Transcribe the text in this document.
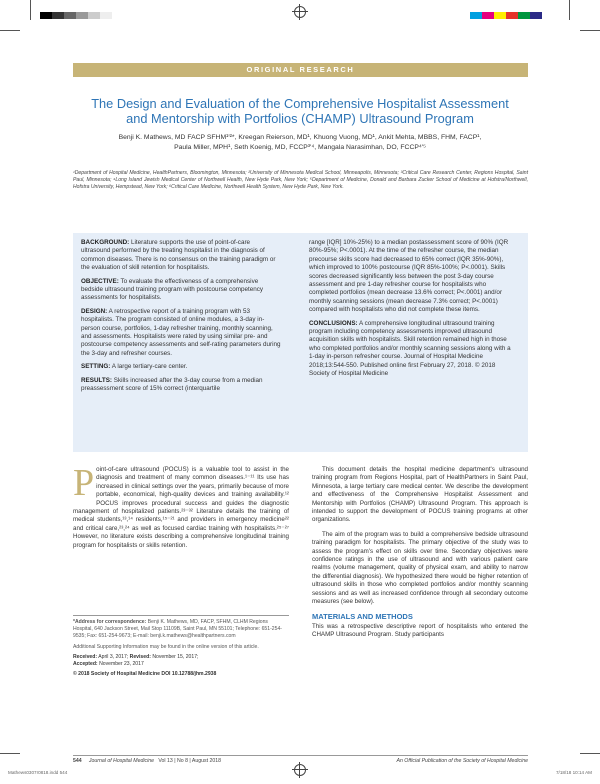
ORIGINAL RESEARCH
The Design and Evaluation of the Comprehensive Hospitalist Assessment
and Mentorship with Portfolios (CHAMP) Ultrasound Program
Benji K. Mathews, MD FACP SFHM¹'²*, Kreegan Reierson, MD¹, Khuong Vuong, MD¹, Ankit Mehta, MBBS, FHM, FACP¹,
Paula Miller, MPH¹, Seth Koenig, MD, FCCP³'⁴, Mangala Narasimhan, DO, FCCP⁴'⁵
¹Department of Hospital Medicine, HealthPartners, Bloomington, Minnesota; ²University of Minnesota Medical School, Minneapolis, Minnesota; ³Critical Care Research Center, Regions Hospital, Saint Paul, Minnesota; ⁴Long Island Jewish Medical Center of Northwell Health, New Hyde Park, New York; ⁵Department of Medicine, Donald and Barbara Zucker School of Medicine at Hofstra/Northwell, Hofstra University, Hempstead, New York; ⁶Critical Care Medicine, Northwell Health System, New Hyde Park, New York.

BACKGROUND: Literature supports the use of point-of-care ultrasound performed by the treating hospitalist in the diagnosis of common diseases. There is no consensus on the training paradigm or the evaluation of skill retention for hospitalists.

OBJECTIVE: To evaluate the effectiveness of a comprehensive bedside ultrasound training program with postcourse competency assessments for hospitalists.

DESIGN: A retrospective report of a training program with 53 hospitalists. The program consisted of online modules, a 3-day in-person course, portfolios, 1-day refresher training, monthly scanning, and assessments. Hospitalists were rated by using similar pre- and postcourse competency assessments and self-rating parameters during the 3-day and refresher courses.

SETTING: A large tertiary-care center.

RESULTS: Skills increased after the 3-day course from a median preassessment score of 15% correct (interquartile

range [IQR] 10%-25%) to a median postassessment score of 90% (IQR 80%-95%; P<.0001). At the time of the refresher course, the median precourse skills score had decreased to 65% correct (IQR 35%-90%), which improved to 100% postcourse (IQR 85%-100%; P<.0001). Skills scores decreased significantly less between the post 3-day course assessment and pre 1-day refresher course for hospitalists who completed portfolios (mean decrease 13.6% correct; P<.0001) and/or monthly scanning sessions (mean decrease 7.3% correct; P<.0001) compared with hospitalists who did not complete these items.

CONCLUSIONS: A comprehensive longitudinal ultrasound training program including competency assessments improved ultrasound acquisition skills with hospitalists. Skill retention remained high in those who completed portfolios and/or monthly scanning sessions along with a 1-day in-person refresher course. Journal of Hospital Medicine 2018;13:544-550. Published online first February 27, 2018. © 2018 Society of Hospital Medicine

Point-of-care ultrasound (POCUS) is a valuable tool to assist in the diagnosis and treatment of many common diseases.¹⁻¹¹ Its use has increased in clinical settings over the years, primarily because of more portable, economical, high-quality devices and training availability.¹² POCUS improves procedural success and guides the diagnostic management of hospitalized patients.²³⁻³² Literature details the training of medical students,¹³,¹⁴ residents,¹⁵⁻²¹ and providers in emergency medicine²² and critical care,²³,²⁴ as well as focused cardiac training with hospitalists.²⁵⁻²⁷ However, no literature exists describing a comprehensive longitudinal training program for hospitalists or skills retention.

*Address for correspondence: Benji K. Mathews, MD, FACP, SFHM, CLHM Regions Hospital, 640 Jackson Street, Mail Stop 11109B, Saint Paul, MN 55101; Telephone: 651-254-9535; Fax: 651-254-9673; E-mail: benji.k.mathews@healthpartners.com

Additional Supporting Information may be found in the online version of this article.

Received: April 3, 2017; Revised: November 15, 2017;
Accepted: November 23, 2017

© 2018 Society of Hospital Medicine DOI 10.12788/jhm.2938

This document details the hospital medicine department's ultrasound training program from Regions Hospital, part of HealthPartners in Saint Paul, Minnesota, a large tertiary care medical center. We describe the development and effectiveness of the Comprehensive Hospitalist Assessment and Mentorship with Portfolios (CHAMP) Ultrasound Program. This approach is intended to support the development of POCUS training programs at other organizations.

The aim of the program was to build a comprehensive bedside ultrasound training paradigm for hospitalists. The primary objective of the study was to assess the program's effect on skills over time. Secondary objectives were confidence ratings in the use of ultrasound and with various patient care realms (volume management, quality of physical exam, and ability to narrow the differential diagnosis). We hypothesized there would be higher retention of ultrasound skills in those who completed portfolios and/or monthly scanning sessions and as well as increased confidence through all secondary outcome measures (see below).

MATERIALS AND METHODS

This was a retrospective descriptive report of hospitalists who entered the CHAMP Ultrasound Program. Study participants

544 Journal of Hospital Medicine Vol 13 | No 8 | August 2018	An Official Publication of the Society of Hospital Medicine
Mathews0307r0818.indd 544	7/18/18 10:14 AM
